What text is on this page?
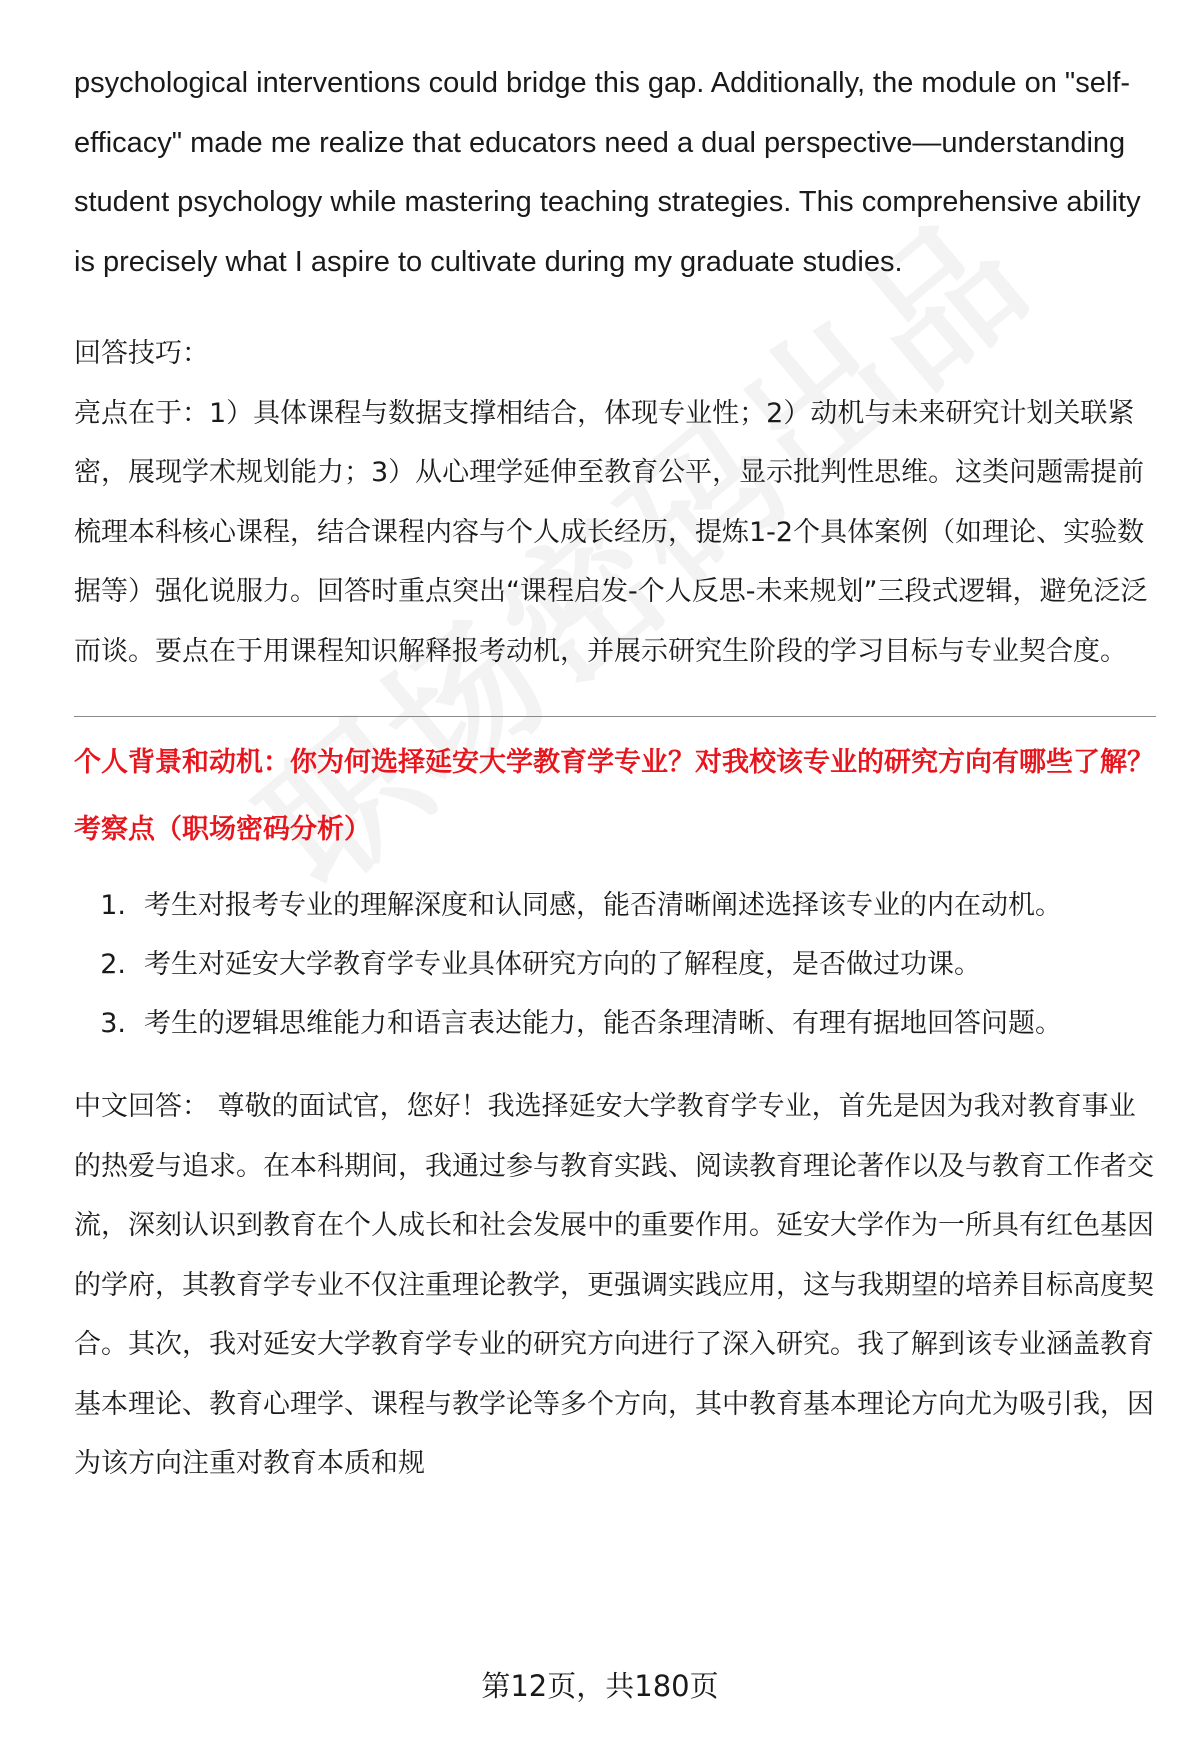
psychological interventions could bridge this gap. Additionally, the module on "self-efficacy" made me realize that educators need a dual perspective—understanding student psychology while mastering teaching strategies. This comprehensive ability is precisely what I aspire to cultivate during my graduate studies.

回答技巧：

亮点在于：1）具体课程与数据支撑相结合，体现专业性；2）动机与未来研究计划关联紧密，展现学术规划能力；3）从心理学延伸至教育公平，显示批判性思维。这类问题需提前梳理本科核心课程，结合课程内容与个人成长经历，提炼1-2个具体案例（如理论、实验数据等）强化说服力。回答时重点突出“课程启发-个人反思-未来规划”三段式逻辑，避免泛泛而谈。要点在于用课程知识解释报考动机，并展示研究生阶段的学习目标与专业契合度。

个人背景和动机：你为何选择延安大学教育学专业？对我校该专业的研究方向有哪些了解？

考察点（职场密码分析）

1. 考生对报考专业的理解深度和认同感，能否清晰阐述选择该专业的内在动机。
2. 考生对延安大学教育学专业具体研究方向的了解程度，是否做过功课。
3. 考生的逻辑思维能力和语言表达能力，能否条理清晰、有理有据地回答问题。

中文回答： 尊敬的面试官，您好！我选择延安大学教育学专业，首先是因为我对教育事业的热爱与追求。在本科期间，我通过参与教育实践、阅读教育理论著作以及与教育工作者交流，深刻认识到教育在个人成长和社会发展中的重要作用。延安大学作为一所具有红色基因的学府，其教育学专业不仅注重理论教学，更强调实践应用，这与我期望的培养目标高度契合。其次，我对延安大学教育学专业的研究方向进行了深入研究。我了解到该专业涵盖教育基本理论、教育心理学、课程与教学论等多个方向，其中教育基本理论方向尤为吸引我，因为该方向注重对教育本质和规

第12页，共180页
